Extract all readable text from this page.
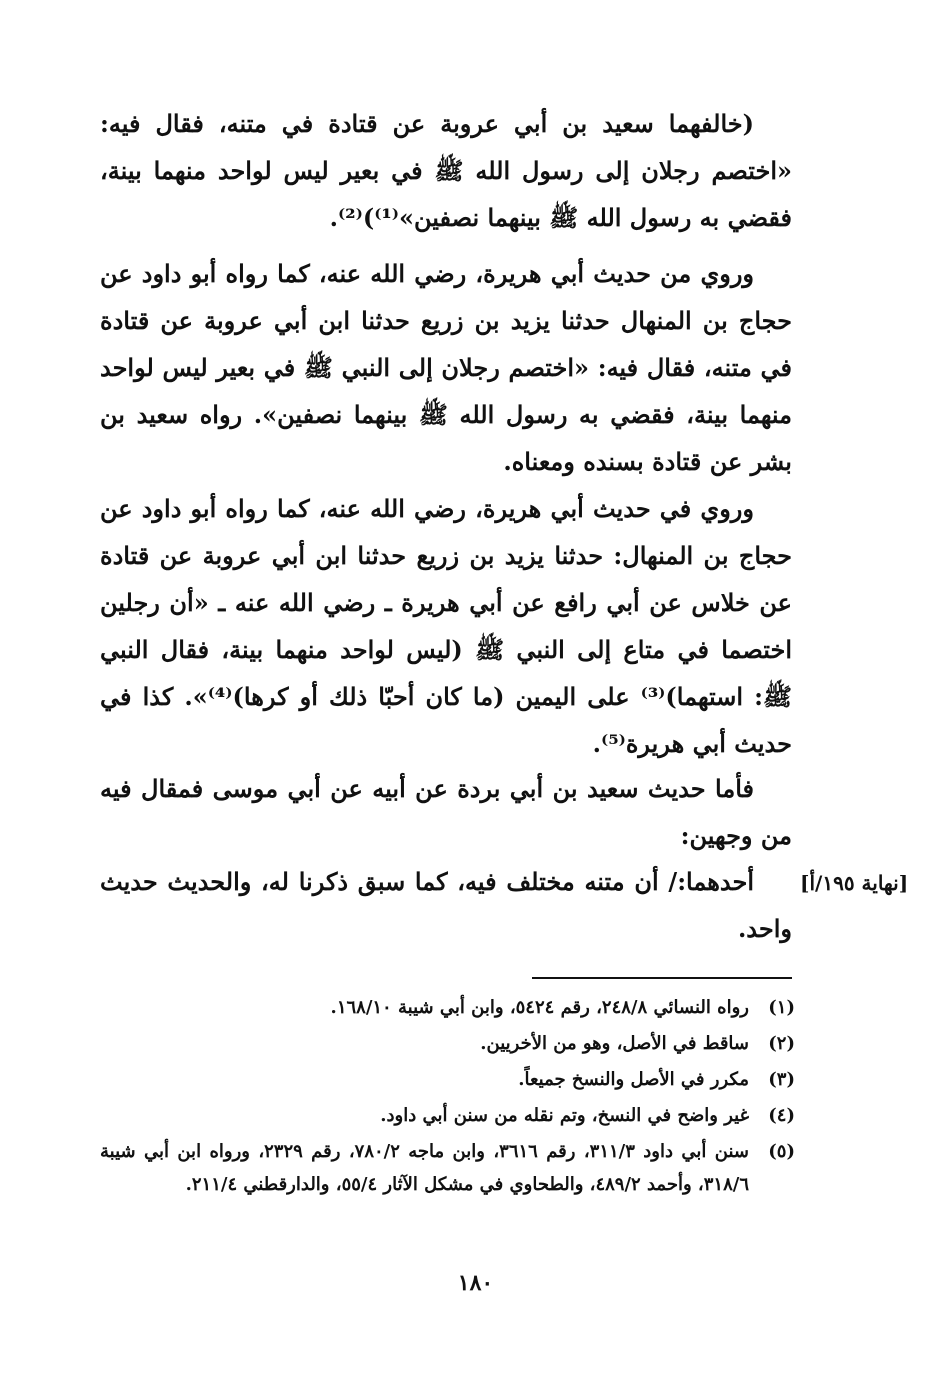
(خالفهما سعيد بن أبي عروبة عن قتادة في متنه، فقال فيه: «اختصم رجلان إلى رسول الله ﷺ في بعير ليس لواحد منهما بينة، فقضي به رسول الله ﷺ بينهما نصفين»⁽¹⁾)⁽²⁾.

وروي من حديث أبي هريرة، رضي الله عنه، كما رواه أبو داود عن حجاج بن المنهال حدثنا يزيد بن زريع حدثنا ابن أبي عروبة عن قتادة في متنه، فقال فيه: «اختصم رجلان إلى النبي ﷺ في بعير ليس لواحد منهما بينة، فقضي به رسول الله ﷺ بينهما نصفين». رواه سعيد بن بشر عن قتادة بسنده ومعناه.

وروي في حديث أبي هريرة، رضي الله عنه، كما رواه أبو داود عن حجاج بن المنهال: حدثنا يزيد بن زريع حدثنا ابن أبي عروبة عن قتادة عن خلاس عن أبي رافع عن أبي هريرة ـ رضي الله عنه ـ «أن رجلين اختصما في متاع إلى النبي ﷺ (ليس لواحد منهما بينة، فقال النبي ﷺ: استهما)⁽³⁾ على اليمين (ما كان أحبّا ذلك أو كرها)⁽⁴⁾». كذا في حديث أبي هريرة⁽⁵⁾.

فأما حديث سعيد بن أبي بردة عن أبيه عن أبي موسى فمقال فيه من وجهين:

أحدهما:/ أن متنه مختلف فيه، كما سبق ذكرنا له، والحديث حديث واحد.

[نهاية ١٩٥/أ]
(١)
رواه النسائي ٢٤٨/٨، رقم ٥٤٢٤، وابن أبي شيبة ١٦٨/١٠.
(٢)
ساقط في الأصل، وهو من الأخريين.
(٣)
مكرر في الأصل والنسخ جميعاً.
(٤)
غير واضح في النسخ، وتم نقله من سنن أبي داود.
(٥)
سنن أبي داود ٣١١/٣، رقم ٣٦١٦، وابن ماجه ٧٨٠/٢، رقم ٢٣٢٩، ورواه ابن أبي شيبة ٣١٨/٦، وأحمد ٤٨٩/٢، والطحاوي في مشكل الآثار ٥٥/٤، والدارقطني ٢١١/٤.
١٨٠
